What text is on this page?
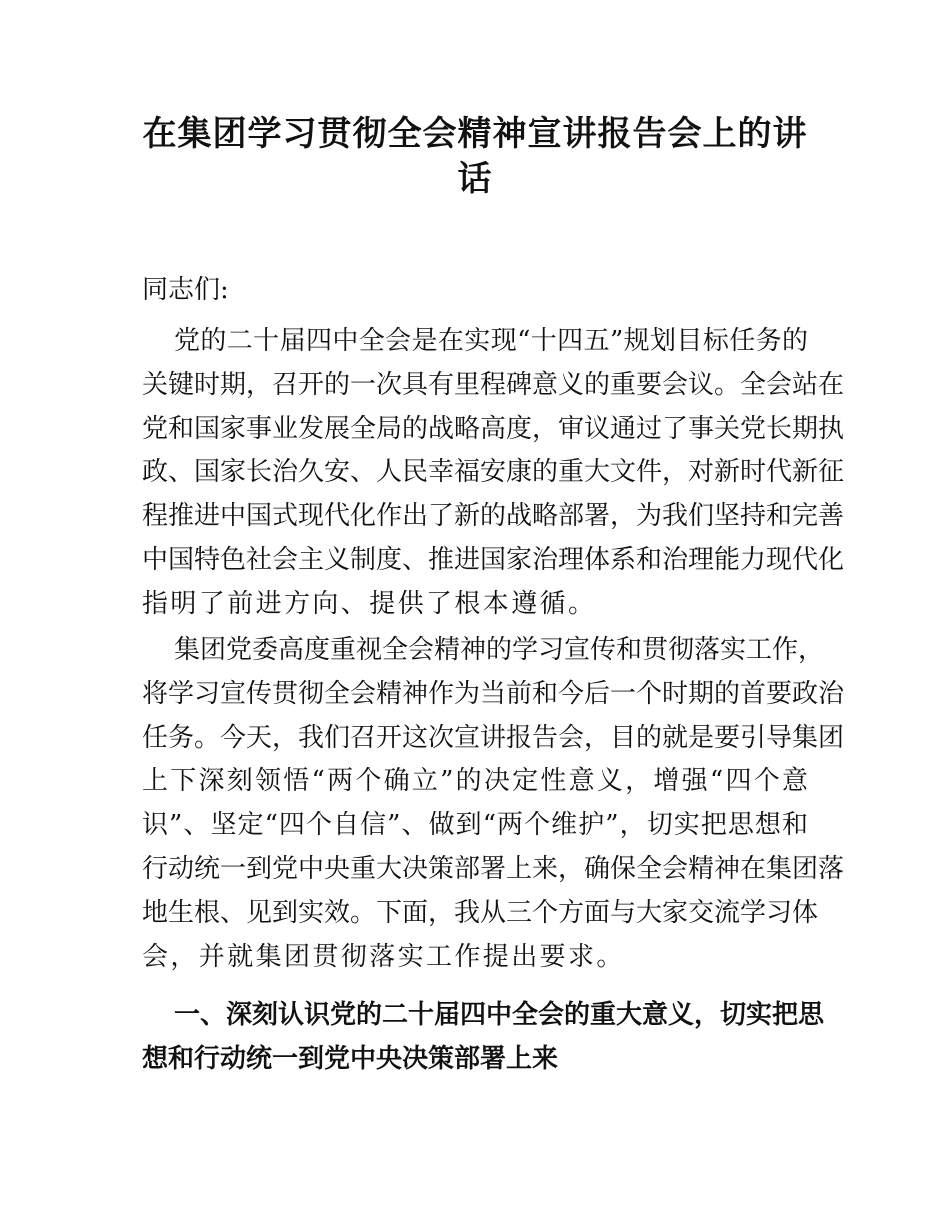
在集团学习贯彻全会精神宣讲报告会上的讲
话
同志们:
党的二十届四中全会是在实现“十四五”规划目标任务的
关键时期，召开的一次具有里程碑意义的重要会议。全会站在
党和国家事业发展全局的战略高度，审议通过了事关党长期执
政、国家长治久安、人民幸福安康的重大文件，对新时代新征
程推进中国式现代化作出了新的战略部署，为我们坚持和完善
中国特色社会主义制度、推进国家治理体系和治理能力现代化
指明了前进方向、提供了根本遵循。
集团党委高度重视全会精神的学习宣传和贯彻落实工作，
将学习宣传贯彻全会精神作为当前和今后一个时期的首要政治
任务。今天，我们召开这次宣讲报告会，目的就是要引导集团
上下深刻领悟“两个确立”的决定性意义，增强“四个意
识”、坚定“四个自信”、做到“两个维护”，切实把思想和
行动统一到党中央重大决策部署上来，确保全会精神在集团落
地生根、见到实效。下面，我从三个方面与大家交流学习体
会，并就集团贯彻落实工作提出要求。
一、深刻认识党的二十届四中全会的重大意义，切实把思
想和行动统一到党中央决策部署上来
